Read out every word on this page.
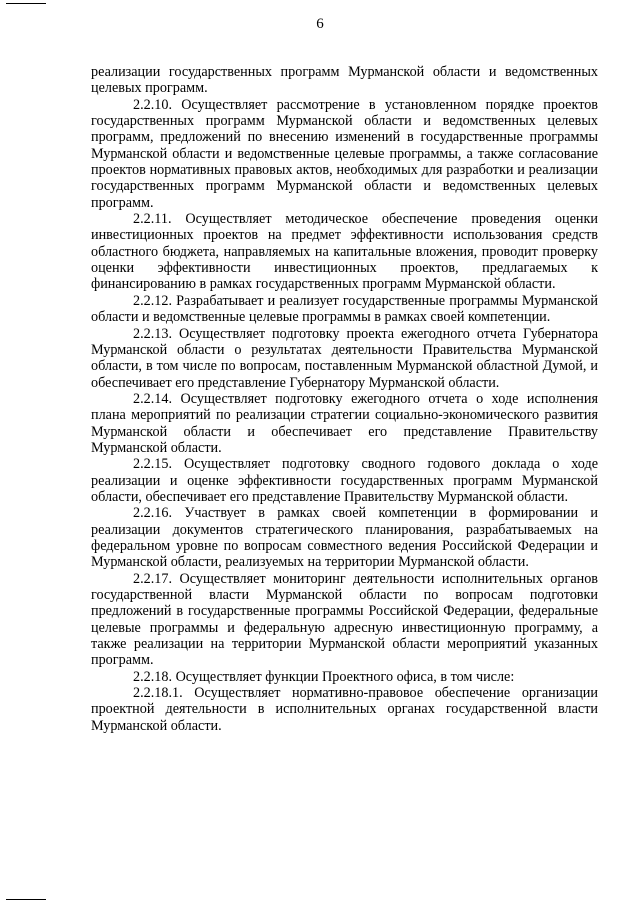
6

реализации государственных программ Мурманской области и ведомственных целевых программ.

2.2.10. Осуществляет рассмотрение в установленном порядке проектов государственных программ Мурманской области и ведомственных целевых программ, предложений по внесению изменений в государственные программы Мурманской области и ведомственные целевые программы, а также согласование проектов нормативных правовых актов, необходимых для разработки и реализации государственных программ Мурманской области и ведомственных целевых программ.

2.2.11. Осуществляет методическое обеспечение проведения оценки инвестиционных проектов на предмет эффективности использования средств областного бюджета, направляемых на капитальные вложения, проводит проверку оценки эффективности инвестиционных проектов, предлагаемых к финансированию в рамках государственных программ Мурманской области.

2.2.12. Разрабатывает и реализует государственные программы Мурманской области и ведомственные целевые программы в рамках своей компетенции.

2.2.13. Осуществляет подготовку проекта ежегодного отчета Губернатора Мурманской области о результатах деятельности Правительства Мурманской области, в том числе по вопросам, поставленным Мурманской областной Думой, и обеспечивает его представление Губернатору Мурманской области.

2.2.14. Осуществляет подготовку ежегодного отчета о ходе исполнения плана мероприятий по реализации стратегии социально-экономического развития Мурманской области и обеспечивает его представление Правительству Мурманской области.

2.2.15. Осуществляет подготовку сводного годового доклада о ходе реализации и оценке эффективности государственных программ Мурманской области, обеспечивает его представление Правительству Мурманской области.

2.2.16. Участвует в рамках своей компетенции в формировании и реализации документов стратегического планирования, разрабатываемых на федеральном уровне по вопросам совместного ведения Российской Федерации и Мурманской области, реализуемых на территории Мурманской области.

2.2.17. Осуществляет мониторинг деятельности исполнительных органов государственной власти Мурманской области по вопросам подготовки предложений в государственные программы Российской Федерации, федеральные целевые программы и федеральную адресную инвестиционную программу, а также реализации на территории Мурманской области мероприятий указанных программ.

2.2.18. Осуществляет функции Проектного офиса, в том числе:

2.2.18.1. Осуществляет нормативно-правовое обеспечение организации проектной деятельности в исполнительных органах государственной власти Мурманской области.
